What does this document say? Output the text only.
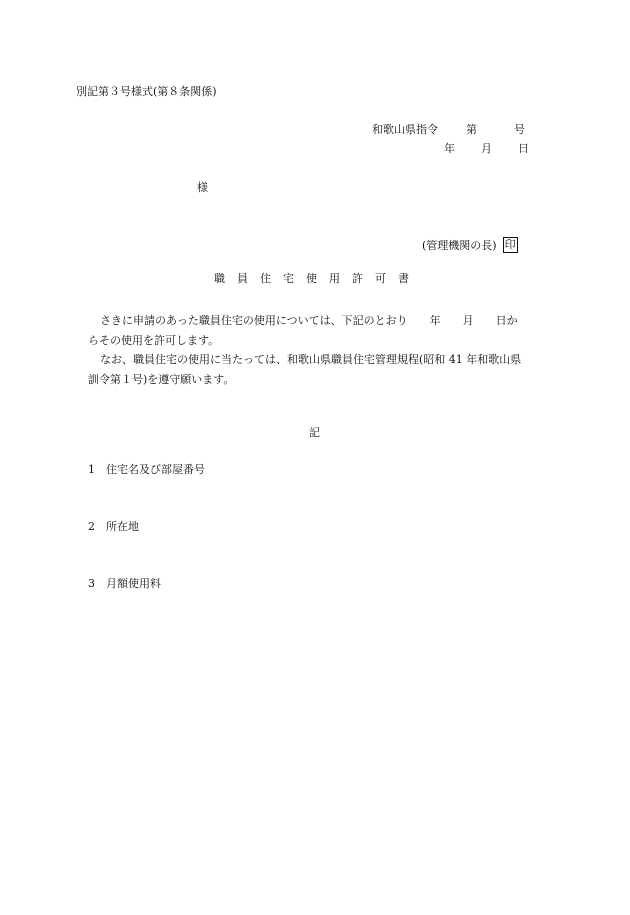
別記第３号様式(第８条関係)
和歌山県指令	第	号
年 月 日
様
(管理機関の長) 印
職員住宅使用許可書
さきに申請のあった職員住宅の使用については、下記のとおり　　年　　月　　日か
らその使用を許可します。
なお、職員住宅の使用に当たっては、和歌山県職員住宅管理規程(昭和 41 年和歌山県
訓令第１号)を遵守願います。
記
1 住宅名及び部屋番号
2 所在地
3 月額使用料
